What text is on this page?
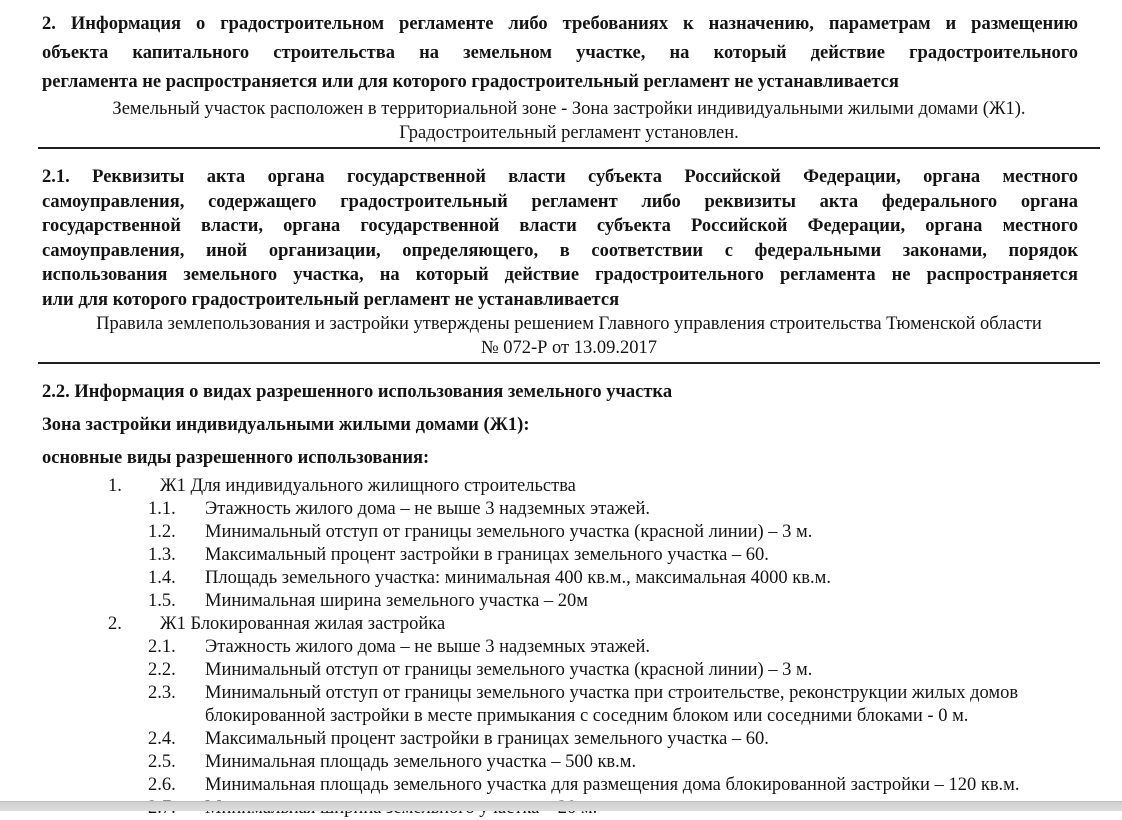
2. Информация о градостроительном регламенте либо требованиях к назначению, параметрам и размещению

объекта капитального строительства на земельном участке, на который действие градостроительного

регламента не распространяется или для которого градостроительный регламент не устанавливается

Земельный участок расположен в территориальной зоне - Зона застройки индивидуальными жилыми домами (Ж1).

Градостроительный регламент установлен.

2.1. Реквизиты акта органа государственной власти субъекта Российской Федерации, органа местного

самоуправления, содержащего градостроительный регламент либо реквизиты акта федерального органа

государственной власти, органа государственной власти субъекта Российской Федерации, органа местного

самоуправления, иной организации, определяющего, в соответствии с федеральными законами, порядок

использования земельного участка, на который действие градостроительного регламента не распространяется

или для которого градостроительный регламент не устанавливается

Правила землепользования и застройки утверждены решением Главного управления строительства Тюменской области

№ 072-Р от 13.09.2017

2.2. Информация о видах разрешенного использования земельного участка

Зона застройки индивидуальными жилыми домами (Ж1):

основные виды разрешенного использования:

1.	Ж1 Для индивидуального жилищного строительства
1.1.	Этажность жилого дома – не выше 3 надземных этажей.
1.2.	Минимальный отступ от границы земельного участка (красной линии) – 3 м.
1.3.	Максимальный процент застройки в границах земельного участка – 60.
1.4.	Площадь земельного участка: минимальная 400 кв.м., максимальная 4000 кв.м.
1.5.	Минимальная ширина земельного участка – 20м
2.	Ж1 Блокированная жилая застройка
2.1.	Этажность жилого дома – не выше 3 надземных этажей.
2.2.	Минимальный отступ от границы земельного участка (красной линии) – 3 м.
2.3.	Минимальный отступ от границы земельного участка при строительстве, реконструкции жилых домов блокированной застройки в месте примыкания с соседним блоком или соседними блоками - 0 м.
2.4.	Максимальный процент застройки в границах земельного участка – 60.
2.5.	Минимальная площадь земельного участка – 500 кв.м.
2.6.	Минимальная площадь земельного участка для размещения дома блокированной застройки – 120 кв.м.
